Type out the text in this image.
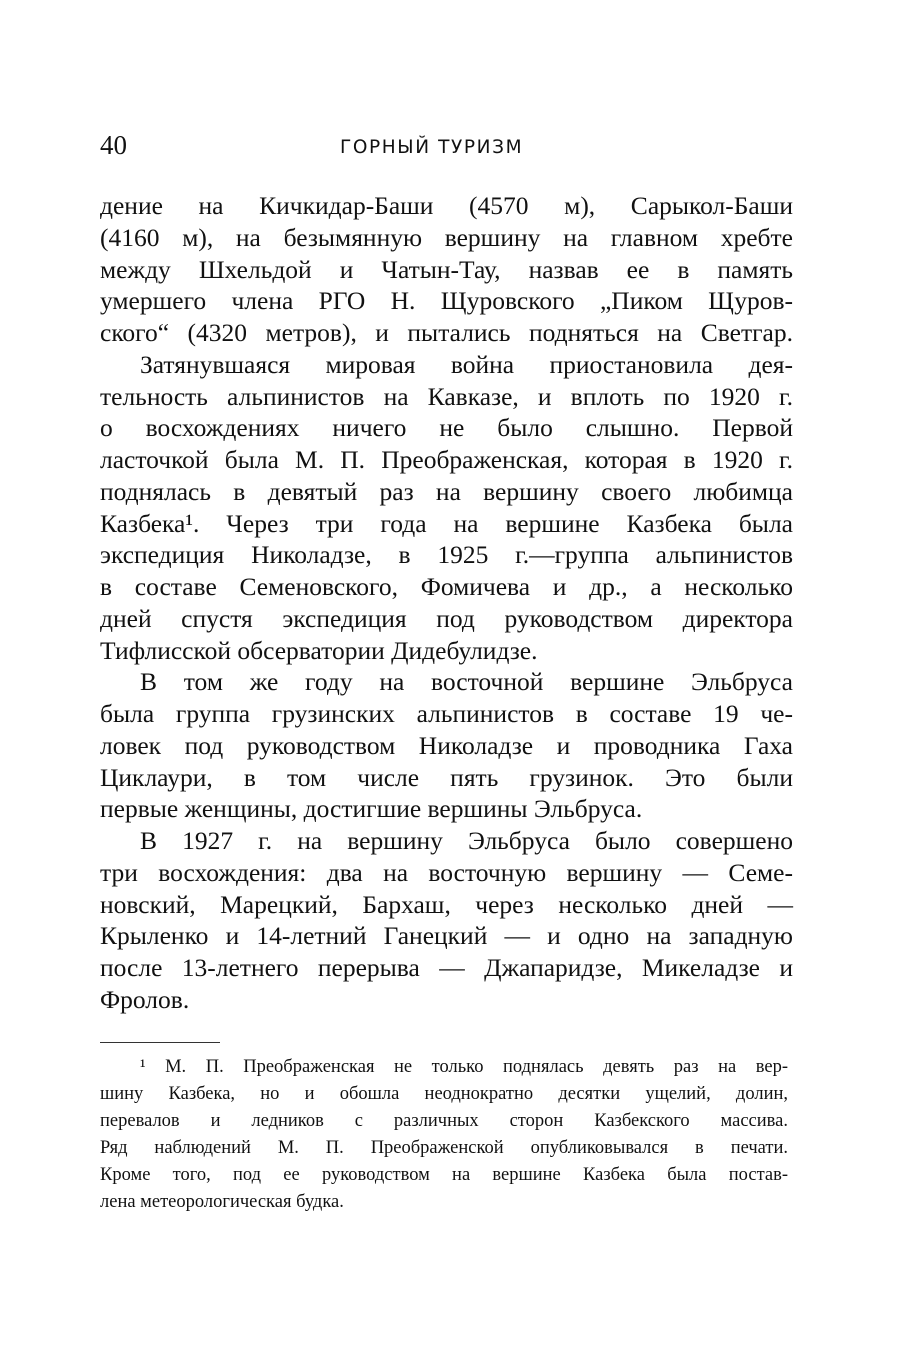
40	ГОРНЫЙ ТУРИЗМ
дение на Кичкидар-Баши (4570 м), Сарыкол-Баши
(4160 м), на безымянную вершину на главном хребте
между Шхельдой и Чатын-Тау, назвав ее в память
умершего члена РГО Н. Щуровского „Пиком Щуров-
ского“ (4320 метров), и пытались подняться на Светгар.
Затянувшаяся мировая война приостановила дея-
тельность альпинистов на Кавказе, и вплоть по 1920 г.
о восхождениях ничего не было слышно. Первой
ласточкой была М. П. Преображенская, которая в 1920 г.
поднялась в девятый раз на вершину своего любимца
Казбека¹. Через три года на вершине Казбека была
экспедиция Николадзе, в 1925 г.—группа альпинистов
в составе Семеновского, Фомичева и др., а несколько
дней спустя экспедиция под руководством директора
Тифлисской обсерватории Дидебулидзе.
В том же году на восточной вершине Эльбруса
была группа грузинских альпинистов в составе 19 че-
ловек под руководством Николадзе и проводника Гаха
Циклаури, в том числе пять грузинок. Это были
первые женщины, достигшие вершины Эльбруса.
В 1927 г. на вершину Эльбруса было совершено
три восхождения: два на восточную вершину — Семе-
новский, Марецкий, Бархаш, через несколько дней —
Крыленко и 14-летний Ганецкий — и одно на западную
после 13-летнего перерыва — Джапаридзе, Микеладзе и
Фролов.
¹ М. П. Преображенская не только поднялась девять раз на вер-
шину Казбека, но и обошла неоднократно десятки ущелий, долин,
перевалов и ледников с различных сторон Казбекского массива.
Ряд наблюдений М. П. Преображенской опубликовывался в печати.
Кроме того, под ее руководством на вершине Казбека была постав-
лена метеорологическая будка.
